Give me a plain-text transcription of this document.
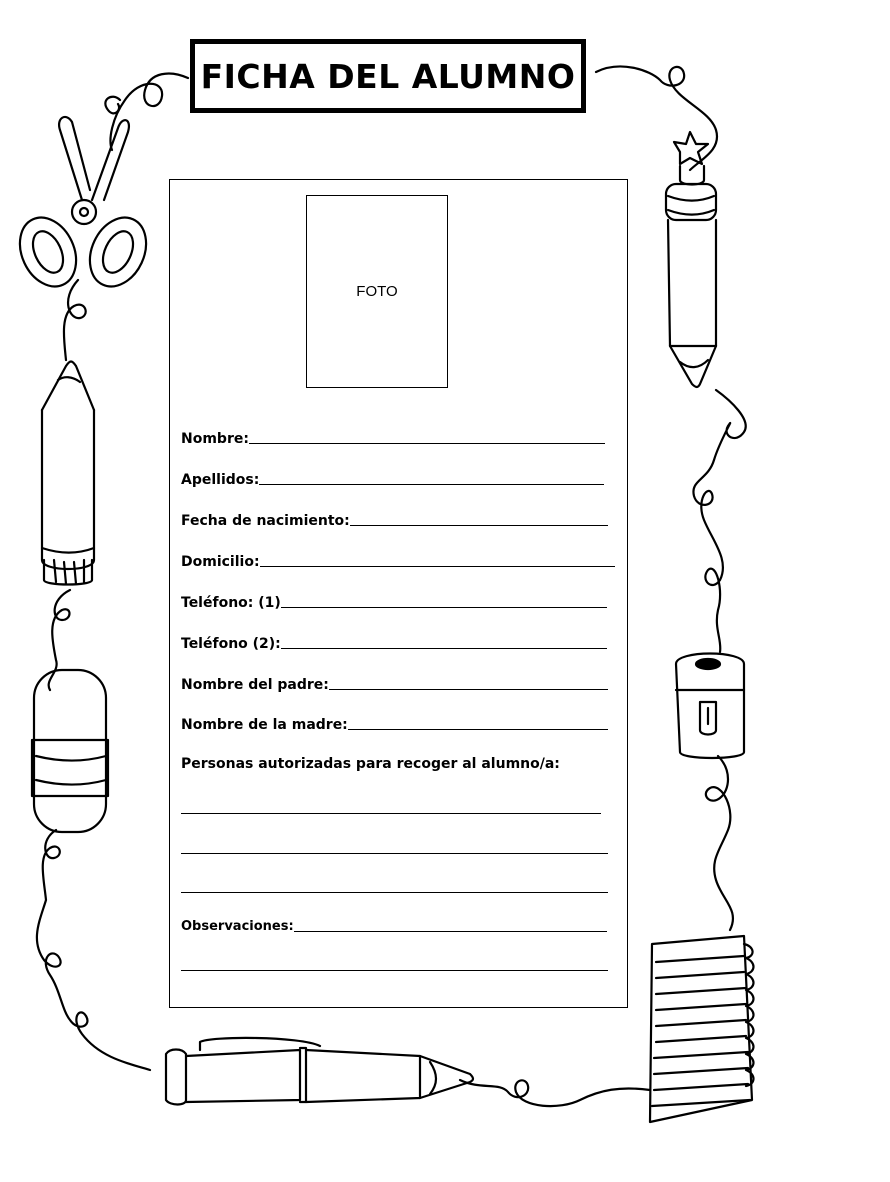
FICHA DEL ALUMNO
FOTO
Nombre:
Apellidos:
Fecha de nacimiento:
Domicilio:
Teléfono: (1)
Teléfono (2):
Nombre del padre:
Nombre de la madre:
Personas autorizadas para recoger al alumno/a:
Observaciones:
